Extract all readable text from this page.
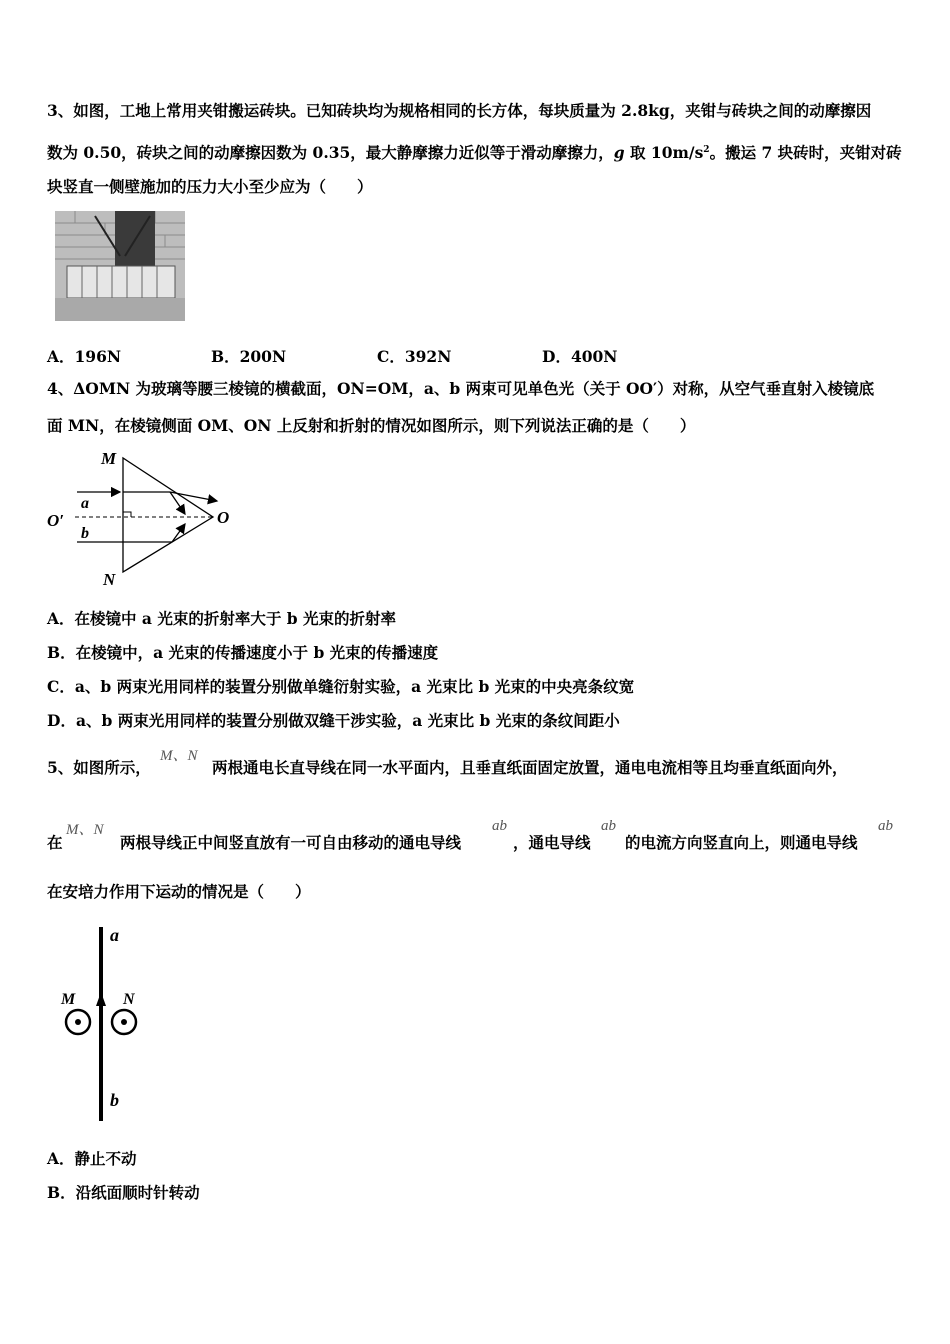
3、如图，工地上常用夹钳搬运砖块。已知砖块均为规格相同的长方体，每块质量为 2.8kg，夹钳与砖块之间的动摩擦因
数为 0.50，砖块之间的动摩擦因数为 0.35，最大静摩擦力近似等于滑动摩擦力，g 取 $10m/s^2$。搬运 7 块砖时，夹钳对砖
块竖直一侧壁施加的压力大小至少应为（　　）
A．196N	B．200N	C．392N	D．400N
4、ΔOMN 为玻璃等腰三棱镜的横截面，ON=OM，a、b 两束可见单色光（关于 OO′）对称，从空气垂直射入棱镜底
面 MN，在棱镜侧面 OM、ON 上反射和折射的情况如图所示，则下列说法正确的是（　　）
M
N
O
O′
a
b
A．在棱镜中 a 光束的折射率大于 b 光束的折射率
B．在棱镜中，a 光束的传播速度小于 b 光束的传播速度
C．a、b 两束光用同样的装置分别做单缝衍射实验，a 光束比 b 光束的中央亮条纹宽
D．a、b 两束光用同样的装置分别做双缝干涉实验，a 光束比 b 光束的条纹间距小
5、如图所示，
M、N
两根通电长直导线在同一水平面内，且垂直纸面固定放置，通电电流相等且均垂直纸面向外，
在
M、N
两根导线正中间竖直放有一可自由移动的通电导线
ab
，通电导线
ab
的电流方向竖直向上，则通电导线
ab
在安培力作用下运动的情况是（　　）
a
b
M	N
A．静止不动
B．沿纸面顺时针转动
